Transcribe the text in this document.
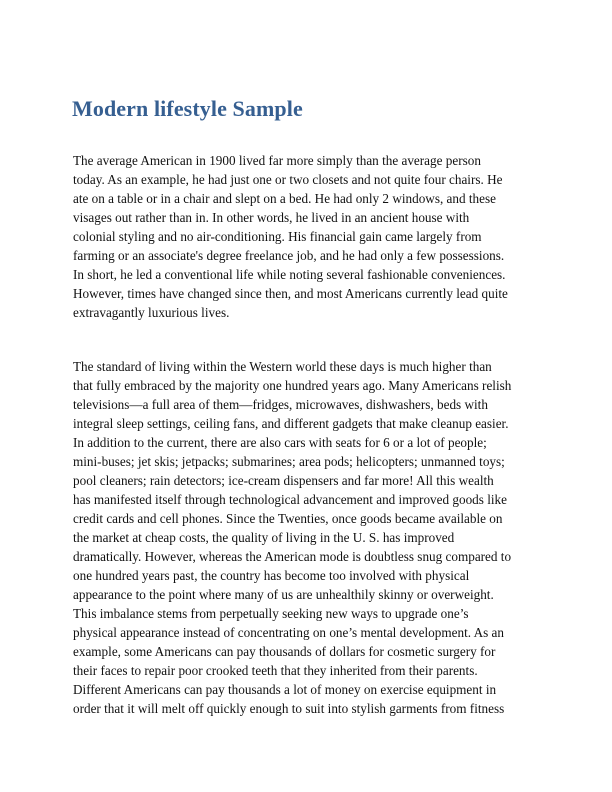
Modern lifestyle Sample
The average American in 1900 lived far more simply than the average person
today. As an example, he had just one or two closets and not quite four chairs. He
ate on a table or in a chair and slept on a bed. He had only 2 windows, and these
visages out rather than in. In other words, he lived in an ancient house with
colonial styling and no air-conditioning. His financial gain came largely from
farming or an associate's degree freelance job, and he had only a few possessions.
In short, he led a conventional life while noting several fashionable conveniences.
However, times have changed since then, and most Americans currently lead quite
extravagantly luxurious lives.
The standard of living within the Western world these days is much higher than
that fully embraced by the majority one hundred years ago. Many Americans relish
televisions—a full area of them—fridges, microwaves, dishwashers, beds with
integral sleep settings, ceiling fans, and different gadgets that make cleanup easier.
In addition to the current, there are also cars with seats for 6 or a lot of people;
mini-buses; jet skis; jetpacks; submarines; area pods; helicopters; unmanned toys;
pool cleaners; rain detectors; ice-cream dispensers and far more! All this wealth
has manifested itself through technological advancement and improved goods like
credit cards and cell phones. Since the Twenties, once goods became available on
the market at cheap costs, the quality of living in the U. S. has improved
dramatically. However, whereas the American mode is doubtless snug compared to
one hundred years past, the country has become too involved with physical
appearance to the point where many of us are unhealthily skinny or overweight.
This imbalance stems from perpetually seeking new ways to upgrade one’s
physical appearance instead of concentrating on one’s mental development. As an
example, some Americans can pay thousands of dollars for cosmetic surgery for
their faces to repair poor crooked teeth that they inherited from their parents.
Different Americans can pay thousands a lot of money on exercise equipment in
order that it will melt off quickly enough to suit into stylish garments from fitness
